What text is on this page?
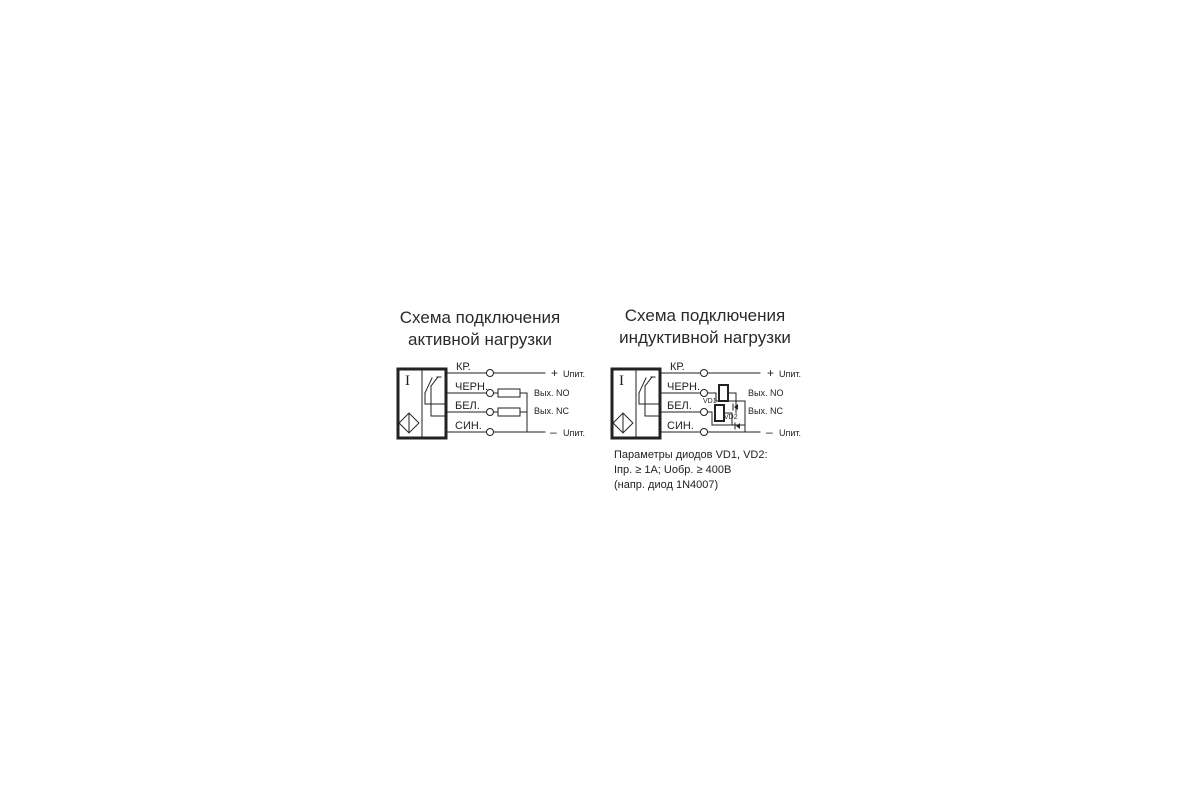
Схема подключения
активной нагрузки
I
КР.
ЧЕРН.
БЕЛ.
СИН.
+ Uпит.
Вых. NO
Вых. NC
– Uпит.
Схема подключения
индуктивной нагрузки
I
КР.
ЧЕРН.
БЕЛ.
СИН.
VD1
VD2
+ Uпит.
Вых. NO
Вых. NC
– Uпит.
Параметры диодов VD1, VD2:
Iпр. ≥ 1А; Uобр. ≥ 400В
(напр. диод 1N4007)
